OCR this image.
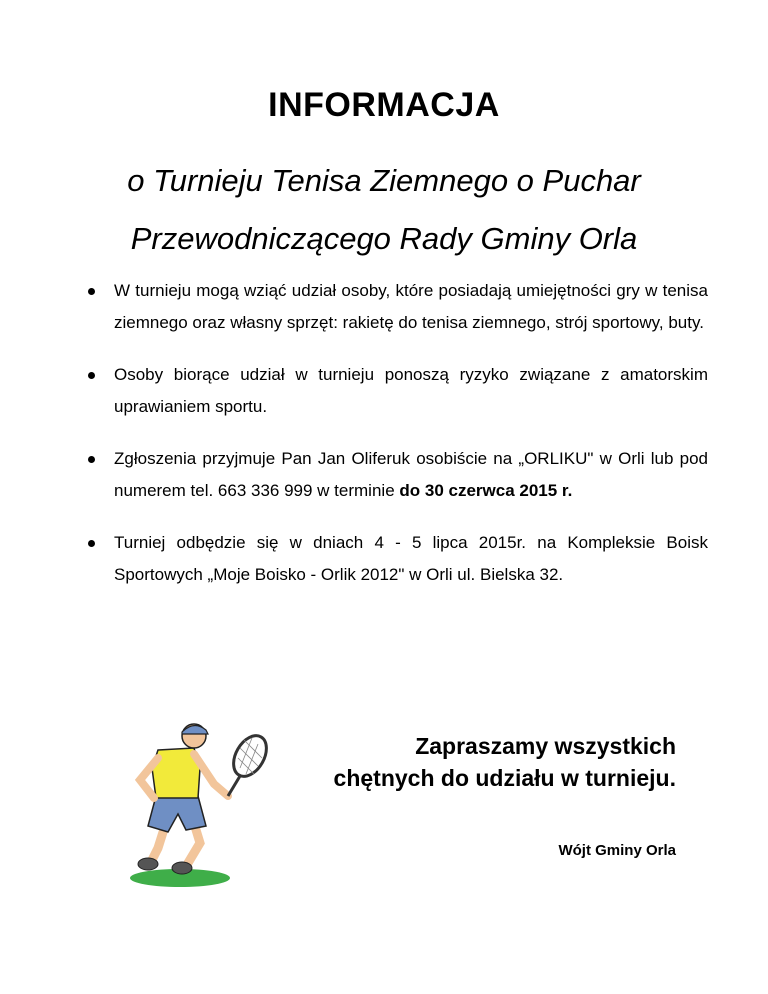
INFORMACJA
o Turnieju Tenisa Ziemnego o Puchar
Przewodniczącego Rady Gminy Orla
W turnieju mogą wziąć udział osoby, które posiadają umiejętności gry w tenisa ziemnego oraz własny sprzęt: rakietę do tenisa ziemnego, strój sportowy, buty.
Osoby biorące udział w turnieju ponoszą ryzyko związane z amatorskim uprawianiem sportu.
Zgłoszenia przyjmuje Pan Jan Oliferuk osobiście na „ORLIKU" w Orli lub pod numerem tel. 663 336 999 w terminie do 30 czerwca 2015 r.
Turniej odbędzie się w dniach 4 - 5 lipca 2015r. na Kompleksie Boisk Sportowych „Moje Boisko - Orlik 2012" w Orli ul. Bielska 32.
Zapraszamy wszystkich
chętnych do udziału w turnieju.
Wójt Gminy Orla
